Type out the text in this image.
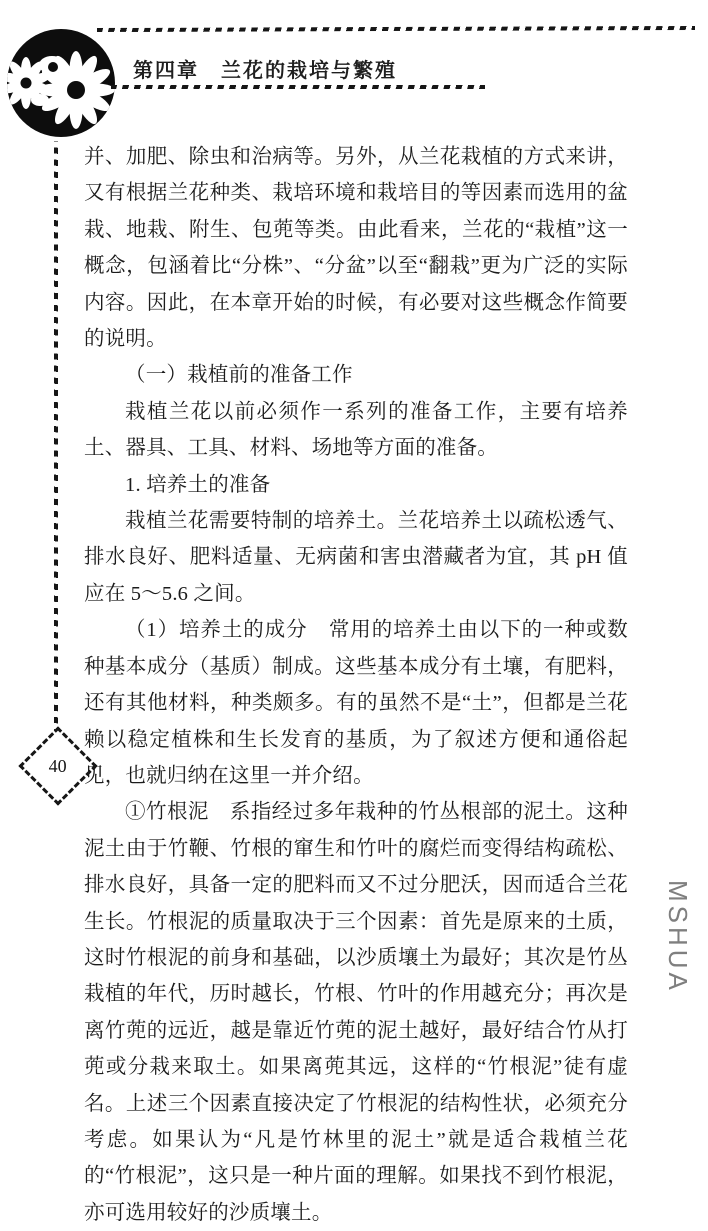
第四章　兰花的栽培与繁殖
40
并、加肥、除虫和治病等。另外，从兰花栽植的方式来讲，又有根据兰花种类、栽培环境和栽培目的等因素而选用的盆栽、地栽、附生、包蔸等类。由此看来，兰花的“栽植”这一概念，包涵着比“分株”、“分盆”以至“翻栽”更为广泛的实际内容。因此，在本章开始的时候，有必要对这些概念作简要的说明。
（一）栽植前的准备工作
栽植兰花以前必须作一系列的准备工作，主要有培养土、器具、工具、材料、场地等方面的准备。
1. 培养土的准备
栽植兰花需要特制的培养土。兰花培养土以疏松透气、排水良好、肥料适量、无病菌和害虫潜藏者为宜，其 pH 值应在 5～5.6 之间。
（1）培养土的成分　常用的培养土由以下的一种或数种基本成分（基质）制成。这些基本成分有土壤，有肥料，还有其他材料，种类颇多。有的虽然不是“土”，但都是兰花赖以稳定植株和生长发育的基质，为了叙述方便和通俗起见，也就归纳在这里一并介绍。
①竹根泥　系指经过多年栽种的竹丛根部的泥土。这种泥土由于竹鞭、竹根的窜生和竹叶的腐烂而变得结构疏松、排水良好，具备一定的肥料而又不过分肥沃，因而适合兰花生长。竹根泥的质量取决于三个因素：首先是原来的土质，这时竹根泥的前身和基础，以沙质壤土为最好；其次是竹丛栽植的年代，历时越长，竹根、竹叶的作用越充分；再次是离竹蔸的远近，越是靠近竹蔸的泥土越好，最好结合竹从打蔸或分栽来取土。如果离蔸其远，这样的“竹根泥”徒有虚名。上述三个因素直接决定了竹根泥的结构性状，必须充分考虑。如果认为“凡是竹林里的泥土”就是适合栽植兰花的“竹根泥”，这只是一种片面的理解。如果找不到竹根泥，亦可选用较好的沙质壤土。
MSHUA
